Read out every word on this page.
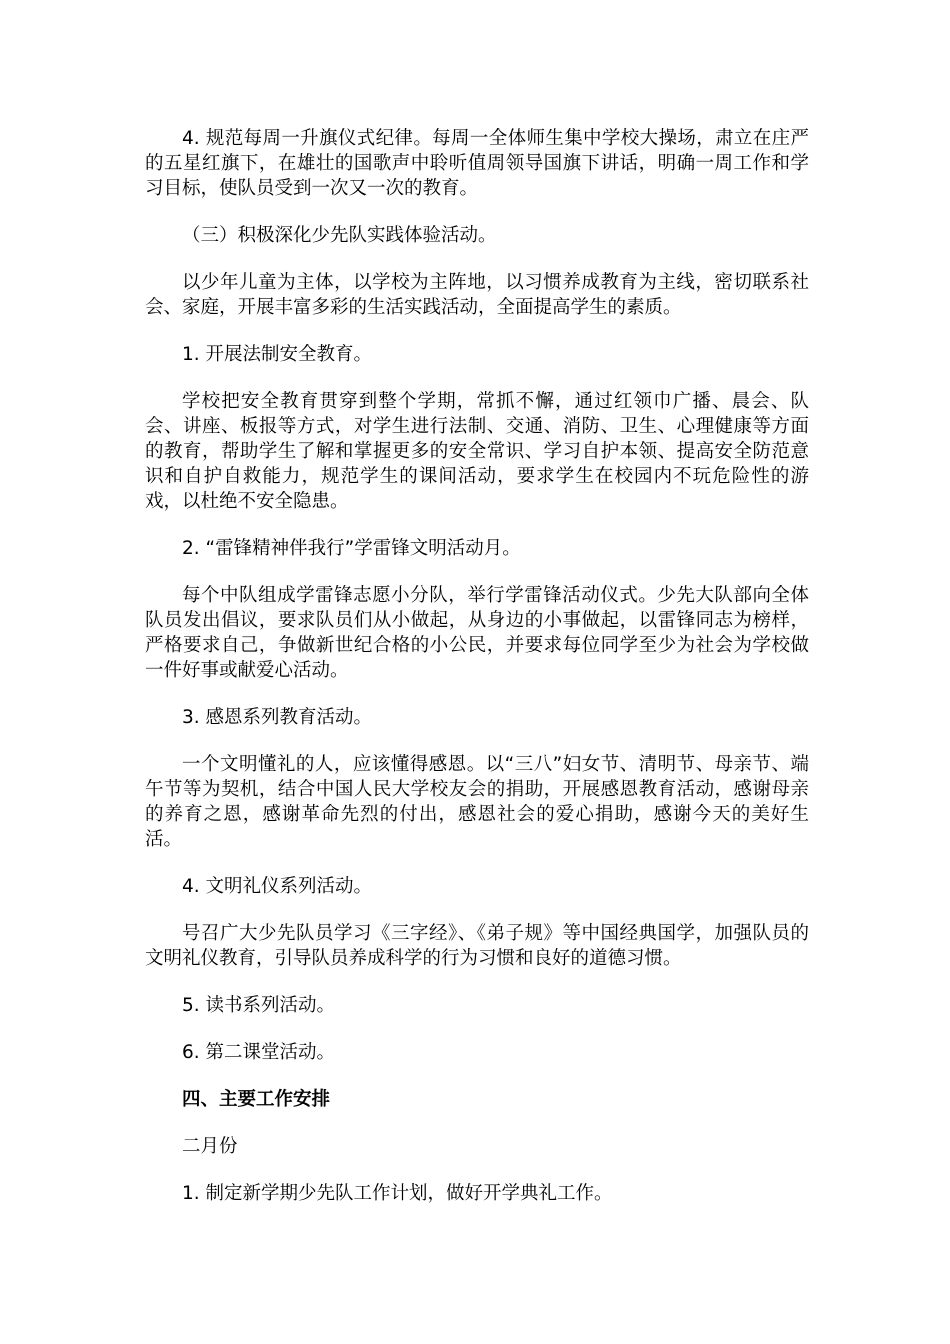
4. 规范每周一升旗仪式纪律。每周一全体师生集中学校大操场，肃立在庄严的五星红旗下，在雄壮的国歌声中聆听值周领导国旗下讲话，明确一周工作和学习目标，使队员受到一次又一次的教育。

（三）积极深化少先队实践体验活动。

以少年儿童为主体，以学校为主阵地，以习惯养成教育为主线，密切联系社会、家庭，开展丰富多彩的生活实践活动，全面提高学生的素质。

1. 开展法制安全教育。

学校把安全教育贯穿到整个学期，常抓不懈，通过红领巾广播、晨会、队会、讲座、板报等方式，对学生进行法制、交通、消防、卫生、心理健康等方面的教育，帮助学生了解和掌握更多的安全常识、学习自护本领、提高安全防范意识和自护自救能力，规范学生的课间活动，要求学生在校园内不玩危险性的游戏，以杜绝不安全隐患。

2. “雷锋精神伴我行”学雷锋文明活动月。

每个中队组成学雷锋志愿小分队，举行学雷锋活动仪式。少先大队部向全体队员发出倡议，要求队员们从小做起，从身边的小事做起，以雷锋同志为榜样，严格要求自己，争做新世纪合格的小公民，并要求每位同学至少为社会为学校做一件好事或献爱心活动。

3. 感恩系列教育活动。

一个文明懂礼的人，应该懂得感恩。以“三八”妇女节、清明节、母亲节、端午节等为契机，结合中国人民大学校友会的捐助，开展感恩教育活动，感谢母亲的养育之恩，感谢革命先烈的付出，感恩社会的爱心捐助，感谢今天的美好生活。

4. 文明礼仪系列活动。

号召广大少先队员学习《三字经》、《弟子规》等中国经典国学，加强队员的文明礼仪教育，引导队员养成科学的行为习惯和良好的道德习惯。

5. 读书系列活动。

6. 第二课堂活动。

四、主要工作安排

二月份

1. 制定新学期少先队工作计划，做好开学典礼工作。
